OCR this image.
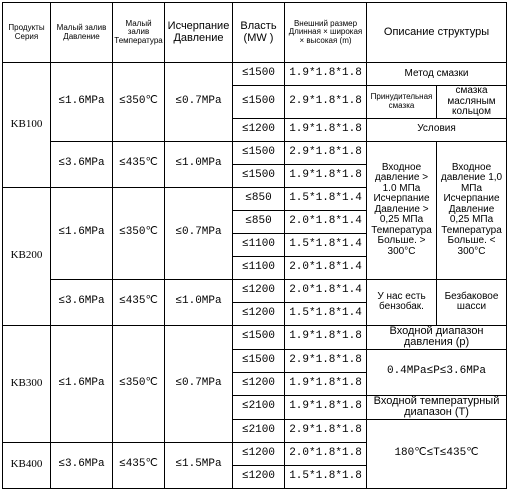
Продукты Серия	Малый залив Давление	Малый залив Температура	Исчерпание Давление	Власть (MW )	Внешний размер Длинная × широкая × высокая (m)	Описание структуры	
KB100	≤1.6MPa	≤350℃	≤0.7MPa	≤1500	1.9*1.8*1.8	Метод смазки	
				≤1500	2.9*1.8*1.8	Принудительная смазка	смазка масляным кольцом
				≤1200	1.9*1.8*1.8	Условия	
	≤3.6MPa	≤435℃	≤1.0MPa	≤1500	2.9*1.8*1.8	Входное давление > 1.0 МПа Исчерпание Давление > 0,25 МПа Температура Больше. > 300°C	Входное давление 1,0 МПа Исчерпание Давление 0,25 МПа Температура Больше. < 300°C
				≤1500	1.9*1.8*1.8		
KB200	≤1.6MPa	≤350℃	≤0.7MPa	≤850	1.5*1.8*1.4		
				≤850	2.0*1.8*1.4		
				≤1100	1.5*1.8*1.4		
				≤1100	2.0*1.8*1.4		
	≤3.6MPa	≤435℃	≤1.0MPa	≤1200	2.0*1.8*1.4	У нас есть бензобак.	Безбаковое шасси
				≤1200	1.5*1.8*1.4		
KB300	≤1.6MPa	≤350℃	≤0.7MPa	≤1500	1.9*1.8*1.8	Входной диапазон давления (p)	
				≤1500	2.9*1.8*1.8	0.4MPa≤P≤3.6MPa	
				≤1200	1.9*1.8*1.8		
				≤2100	1.9*1.8*1.8	Входной температурный диапазон (T)	
				≤2100	2.9*1.8*1.8	180℃≤T≤435℃	
KB400	≤3.6MPa	≤435℃	≤1.5MPa	≤1200	2.0*1.8*1.8		
				≤1200	1.5*1.8*1.8		
